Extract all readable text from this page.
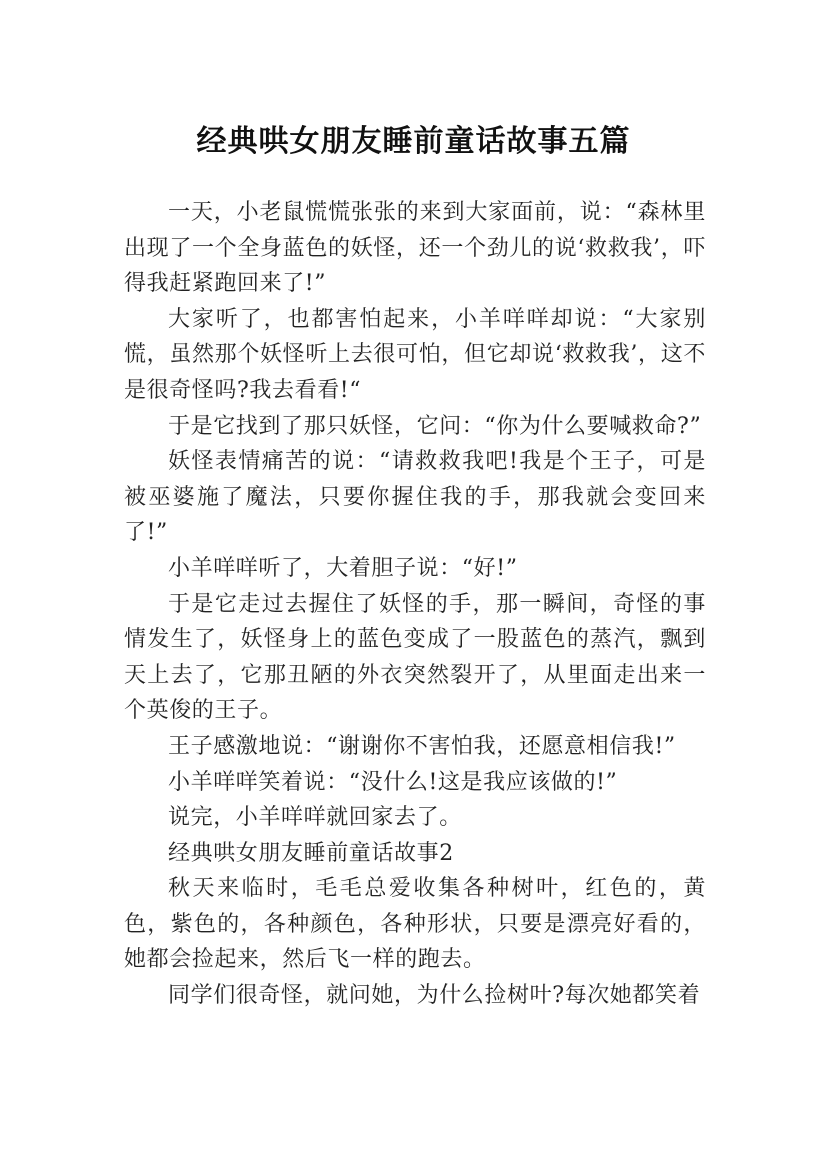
经典哄女朋友睡前童话故事五篇

一天，小老鼠慌慌张张的来到大家面前，说：“森林里出现了一个全身蓝色的妖怪，还一个劲儿的说‘救救我’，吓得我赶紧跑回来了!”

大家听了，也都害怕起来，小羊咩咩却说：“大家别慌，虽然那个妖怪听上去很可怕，但它却说‘救救我’，这不是很奇怪吗?我去看看!“

于是它找到了那只妖怪，它问：“你为什么要喊救命?”

妖怪表情痛苦的说：“请救救我吧!我是个王子，可是被巫婆施了魔法，只要你握住我的手，那我就会变回来了!”

小羊咩咩听了，大着胆子说：“好!”

于是它走过去握住了妖怪的手，那一瞬间，奇怪的事情发生了，妖怪身上的蓝色变成了一股蓝色的蒸汽，飘到天上去了，它那丑陋的外衣突然裂开了，从里面走出来一个英俊的王子。

王子感激地说：“谢谢你不害怕我，还愿意相信我!”

小羊咩咩笑着说：“没什么!这是我应该做的!”

说完，小羊咩咩就回家去了。

经典哄女朋友睡前童话故事2

秋天来临时，毛毛总爱收集各种树叶，红色的，黄色，紫色的，各种颜色，各种形状，只要是漂亮好看的，她都会捡起来，然后飞一样的跑去。

同学们很奇怪，就问她，为什么捡树叶?每次她都笑着
